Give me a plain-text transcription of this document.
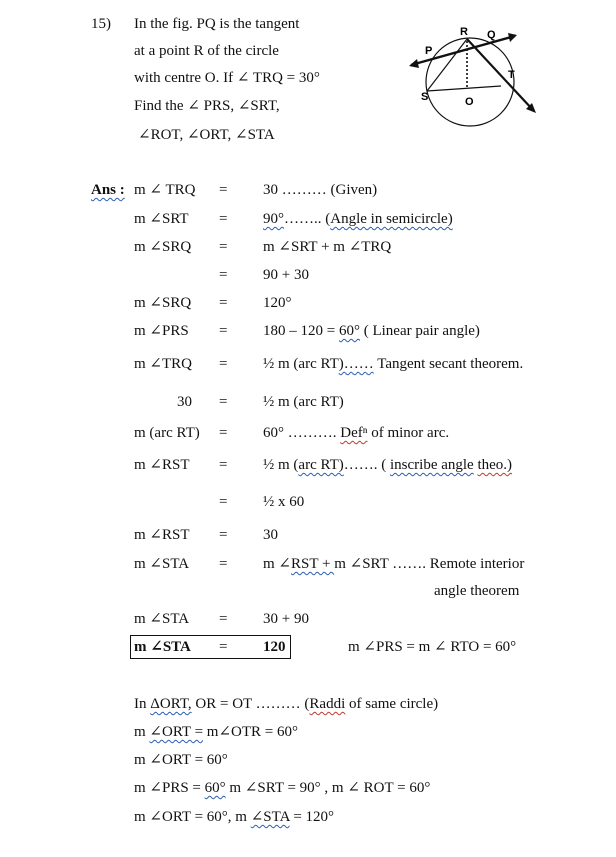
15) In the fig. PQ is the tangent
at a point R of the circle
with centre O. If ∠ TRQ = 30°
Find the ∠ PRS, ∠SRT,
∠ROT, ∠ORT, ∠STA
P
R Q
T
S	O
Ans : m ∠ TRQ = 30 ……… (Given)
m ∠SRT = 90°…….. (Angle in semicircle)
m ∠SRQ = m ∠SRT + m ∠TRQ
= 90 + 30
m ∠SRQ = 120°
m ∠PRS = 180 – 120 = 60° ( Linear pair angle)
m ∠TRQ = ½ m (arc RT)…… Tangent secant theorem.
30 = ½ m (arc RT)
m (arc RT) = 60° ………. Defⁿ of minor arc.
m ∠RST = ½ m (arc RT)……. ( inscribe angle theo.)
= ½ x 60
m ∠RST = 30
m ∠STA = m ∠RST + m ∠SRT ……. Remote interior
angle theorem
m ∠STA = 30 + 90
m ∠STA = 120	m ∠PRS = m ∠ RTO = 60°
In ΔORT, OR = OT ……… (Raddi of same circle)
m ∠ORT = m∠OTR = 60°
m ∠ORT = 60°
m ∠PRS = 60° m ∠SRT = 90° , m ∠ ROT = 60°
m ∠ORT = 60°, m ∠STA = 120°
